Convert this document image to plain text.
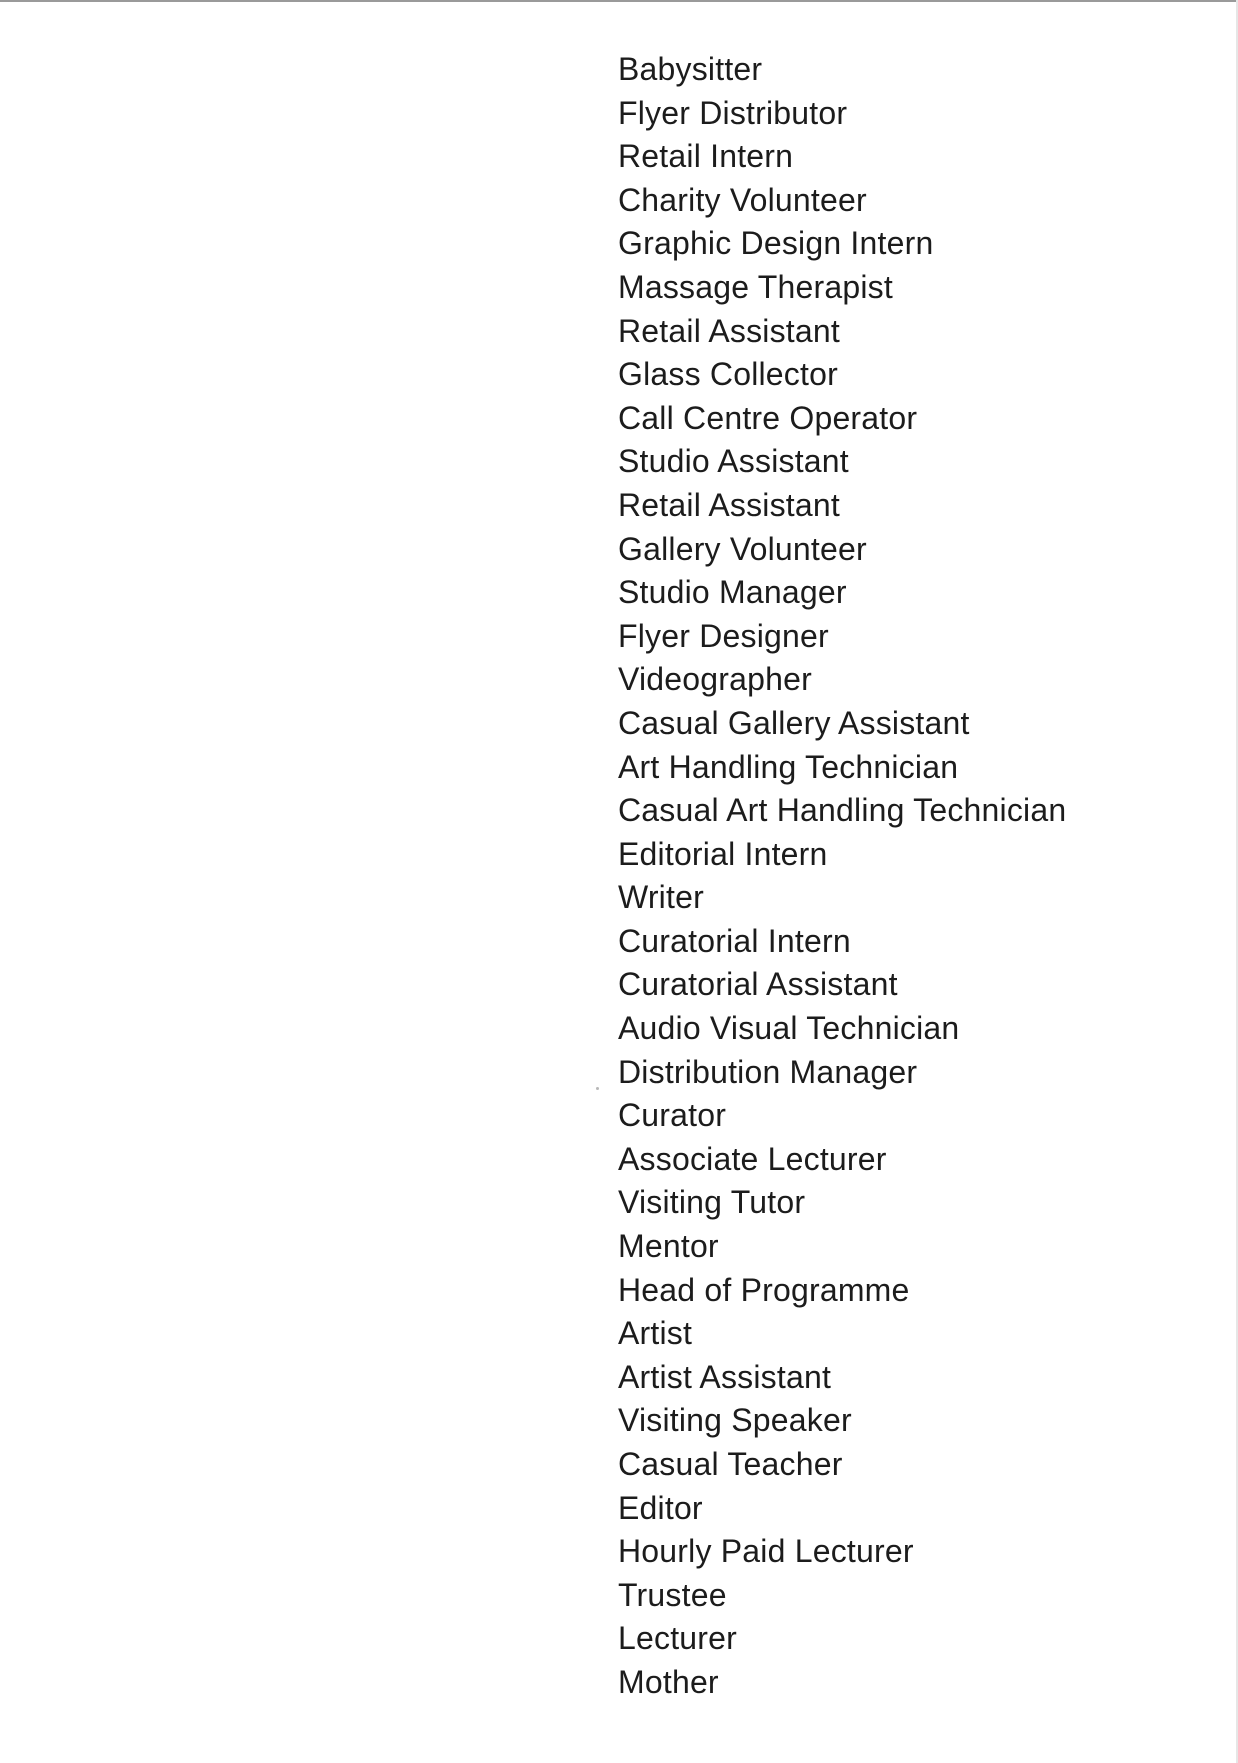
Babysitter
Flyer Distributor
Retail Intern
Charity Volunteer
Graphic Design Intern
Massage Therapist
Retail Assistant
Glass Collector
Call Centre Operator
Studio Assistant
Retail Assistant
Gallery Volunteer
Studio Manager
Flyer Designer
Videographer
Casual Gallery Assistant
Art Handling Technician
Casual Art Handling Technician
Editorial Intern
Writer
Curatorial Intern
Curatorial Assistant
Audio Visual Technician
Distribution Manager
Curator
Associate Lecturer
Visiting Tutor
Mentor
Head of Programme
Artist
Artist Assistant
Visiting Speaker
Casual Teacher
Editor
Hourly Paid Lecturer
Trustee
Lecturer
Mother
